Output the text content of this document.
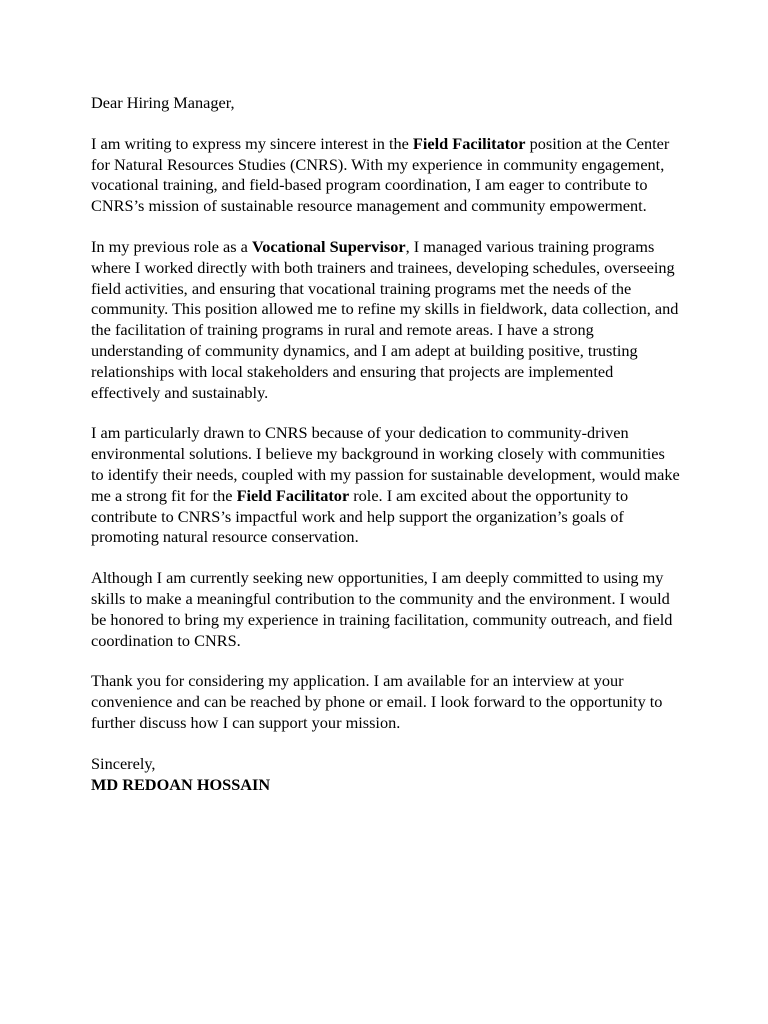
Dear Hiring Manager,

I am writing to express my sincere interest in the Field Facilitator position at the Center for Natural Resources Studies (CNRS). With my experience in community engagement, vocational training, and field-based program coordination, I am eager to contribute to CNRS’s mission of sustainable resource management and community empowerment.

In my previous role as a Vocational Supervisor, I managed various training programs where I worked directly with both trainers and trainees, developing schedules, overseeing field activities, and ensuring that vocational training programs met the needs of the community. This position allowed me to refine my skills in fieldwork, data collection, and the facilitation of training programs in rural and remote areas. I have a strong understanding of community dynamics, and I am adept at building positive, trusting relationships with local stakeholders and ensuring that projects are implemented effectively and sustainably.

I am particularly drawn to CNRS because of your dedication to community-driven environmental solutions. I believe my background in working closely with communities to identify their needs, coupled with my passion for sustainable development, would make me a strong fit for the Field Facilitator role. I am excited about the opportunity to contribute to CNRS’s impactful work and help support the organization’s goals of promoting natural resource conservation.

Although I am currently seeking new opportunities, I am deeply committed to using my skills to make a meaningful contribution to the community and the environment. I would be honored to bring my experience in training facilitation, community outreach, and field coordination to CNRS.

Thank you for considering my application. I am available for an interview at your convenience and can be reached by phone or email. I look forward to the opportunity to further discuss how I can support your mission.

Sincerely,

MD REDOAN HOSSAIN
